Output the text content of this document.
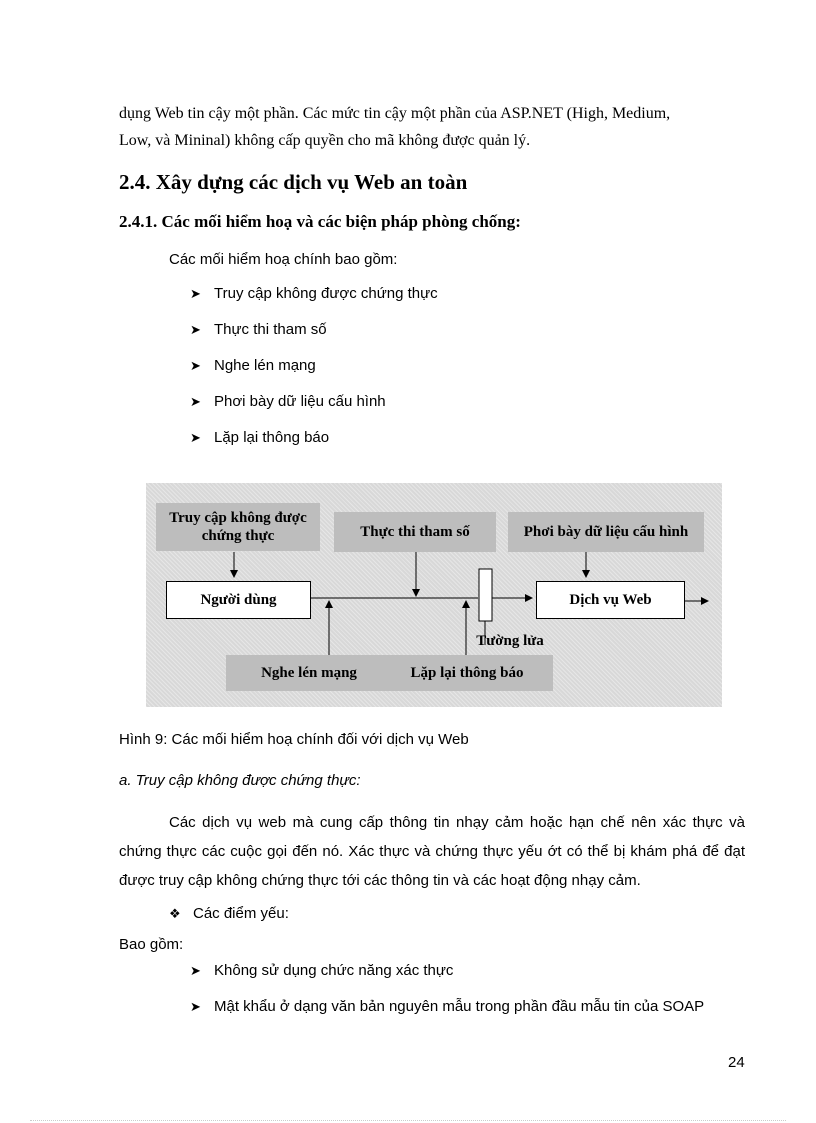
dụng Web tin cậy một phần. Các mức tin cậy một phần của ASP.NET (High, Medium,
Low, và Mininal) không cấp quyền cho mã không được quản lý.
2.4. Xây dựng các dịch vụ Web an toàn
2.4.1. Các mối hiểm hoạ và các biện pháp phòng chống:
Các mối hiểm hoạ chính bao gồm:
➤ Truy cập không được chứng thực
➤ Thực thi tham số
➤ Nghe lén mạng
➤ Phơi bày dữ liệu cấu hình
➤ Lặp lại thông báo
Truy cập không được chứng thực	Thực thi tham số	Phơi bày dữ liệu cấu hình
Người dùng	Dịch vụ Web
Tường lửa
Nghe lén mạng	Lặp lại thông báo
Hình 9: Các mối hiểm hoạ chính đối với dịch vụ Web
a. Truy cập không được chứng thực:
Các dịch vụ web mà cung cấp thông tin nhạy cảm hoặc hạn chế nên xác thực và chứng thực các cuộc gọi đến nó. Xác thực và chứng thực yếu ớt có thể bị khám phá để đạt được truy cập không chứng thực tới các thông tin và các hoạt động nhạy cảm.
❖ Các điểm yếu:
Bao gồm:
➤ Không sử dụng chức năng xác thực
➤ Mật khẩu ở dạng văn bản nguyên mẫu trong phần đầu mẫu tin của SOAP
24
